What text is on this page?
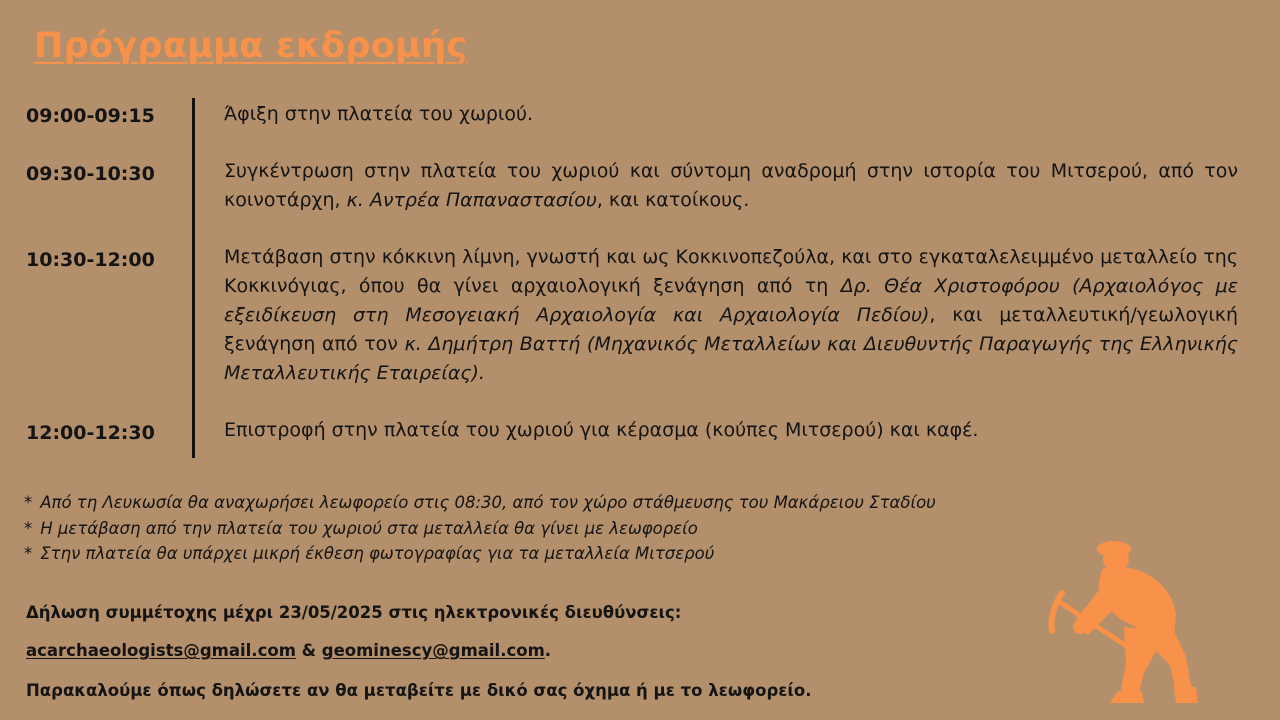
Πρόγραμμα εκδρομής
09:00-09:15	Άφιξη στην πλατεία του χωριού.
09:30-10:30	Συγκέντρωση στην πλατεία του χωριού και σύντομη αναδρομή στην ιστορία του Μιτσερού, από τον κοινοτάρχη, κ. Αντρέα Παπαναστασίου, και κατοίκους.
10:30-12:00	Μετάβαση στην κόκκινη λίμνη, γνωστή και ως Κοκκινοπεζούλα, και στο εγκαταλελειμμένο μεταλλείο της Κοκκινόγιας, όπου θα γίνει αρχαιολογική ξενάγηση από τη Δρ. Θέα Χριστοφόρου (Αρχαιολόγος με εξειδίκευση στη Μεσογειακή Αρχαιολογία και Αρχαιολογία Πεδίου), και μεταλλευτική/γεωλογική ξενάγηση από τον κ. Δημήτρη Βαττή (Μηχανικός Μεταλλείων και Διευθυντής Παραγωγής της Ελληνικής Μεταλλευτικής Εταιρείας).
12:00-12:30	Επιστροφή στην πλατεία του χωριού για κέρασμα (κούπες Μιτσερού) και καφέ.
* Από τη Λευκωσία θα αναχωρήσει λεωφορείο στις 08:30, από τον χώρο στάθμευσης του Μακάρειου Σταδίου
* Η μετάβαση από την πλατεία του χωριού στα μεταλλεία θα γίνει με λεωφορείο
* Στην πλατεία θα υπάρχει μικρή έκθεση φωτογραφίας για τα μεταλλεία Μιτσερού
Δήλωση συμμέτοχης μέχρι 23/05/2025 στις ηλεκτρονικές διευθύνσεις:
acarchaeologists@gmail.com & geominescy@gmail.com.
Παρακαλούμε όπως δηλώσετε αν θα μεταβείτε με δικό σας όχημα ή με το λεωφορείο.
